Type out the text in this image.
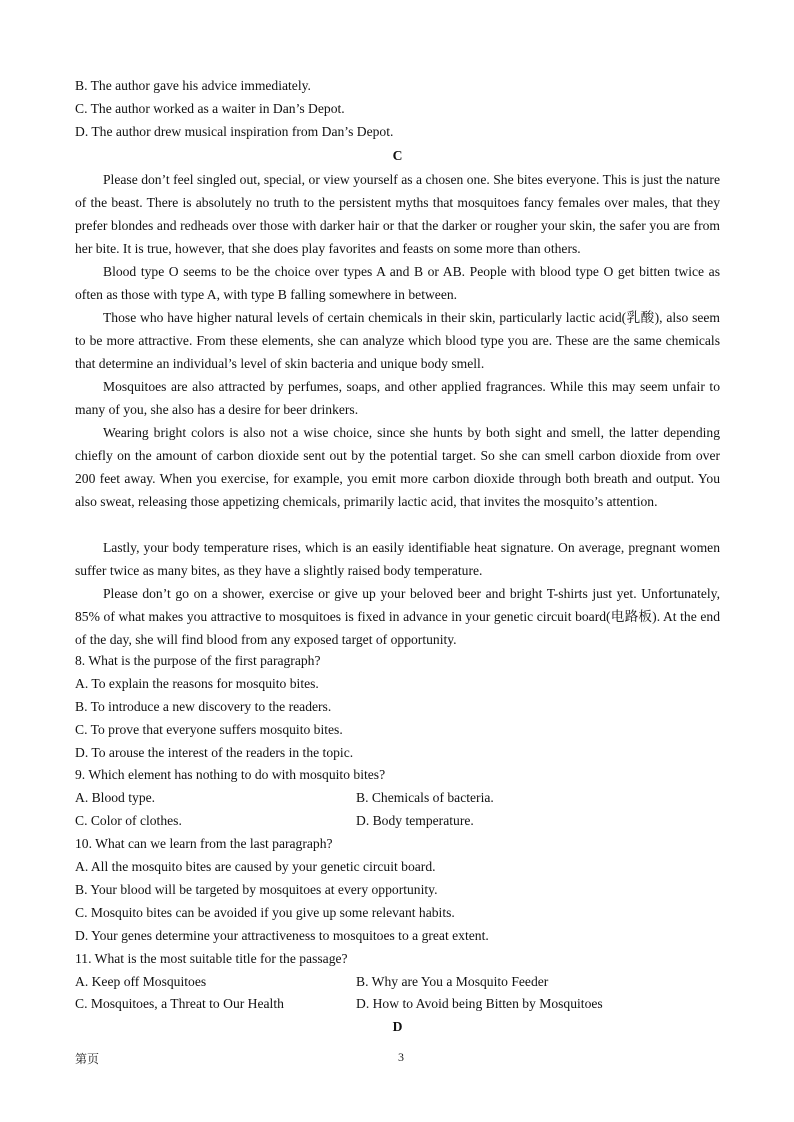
B. The author gave his advice immediately.
C. The author worked as a waiter in Dan’s Depot.
D. The author drew musical inspiration from Dan’s Depot.
C
Please don’t feel singled out, special, or view yourself as a chosen one. She bites everyone. This is just the nature of the beast. There is absolutely no truth to the persistent myths that mosquitoes fancy females over males, that they prefer blondes and redheads over those with darker hair or that the darker or rougher your skin, the safer you are from her bite. It is true, however, that she does play favorites and feasts on some more than others.
Blood type O seems to be the choice over types A and B or AB. People with blood type O get bitten twice as often as those with type A, with type B falling somewhere in between.
Those who have higher natural levels of certain chemicals in their skin, particularly lactic acid(乳酸), also seem to be more attractive. From these elements, she can analyze which blood type you are. These are the same chemicals that determine an individual’s level of skin bacteria and unique body smell.
Mosquitoes are also attracted by perfumes, soaps, and other applied fragrances. While this may seem unfair to many of you, she also has a desire for beer drinkers.
Wearing bright colors is also not a wise choice, since she hunts by both sight and smell, the latter depending chiefly on the amount of carbon dioxide sent out by the potential target. So she can smell carbon dioxide from over 200 feet away. When you exercise, for example, you emit more carbon dioxide through both breath and output. You also sweat, releasing those appetizing chemicals, primarily lactic acid, that invites the mosquito’s attention.
Lastly, your body temperature rises, which is an easily identifiable heat signature. On average, pregnant women suffer twice as many bites, as they have a slightly raised body temperature.
Please don’t go on a shower, exercise or give up your beloved beer and bright T-shirts just yet. Unfortunately, 85% of what makes you attractive to mosquitoes is fixed in advance in your genetic circuit board(电路板). At the end of the day, she will find blood from any exposed target of opportunity.
8. What is the purpose of the first paragraph?
A. To explain the reasons for mosquito bites.
B. To introduce a new discovery to the readers.
C. To prove that everyone suffers mosquito bites.
D. To arouse the interest of the readers in the topic.
9. Which element has nothing to do with mosquito bites?
A. Blood type.	B. Chemicals of bacteria.
C. Color of clothes.	D. Body temperature.
10. What can we learn from the last paragraph?
A. All the mosquito bites are caused by your genetic circuit board.
B. Your blood will be targeted by mosquitoes at every opportunity.
C. Mosquito bites can be avoided if you give up some relevant habits.
D. Your genes determine your attractiveness to mosquitoes to a great extent.
11. What is the most suitable title for the passage?
A. Keep off Mosquitoes	B. Why are You a Mosquito Feeder
C. Mosquitoes, a Threat to Our Health	D. How to Avoid being Bitten by Mosquitoes
D
第页	3
